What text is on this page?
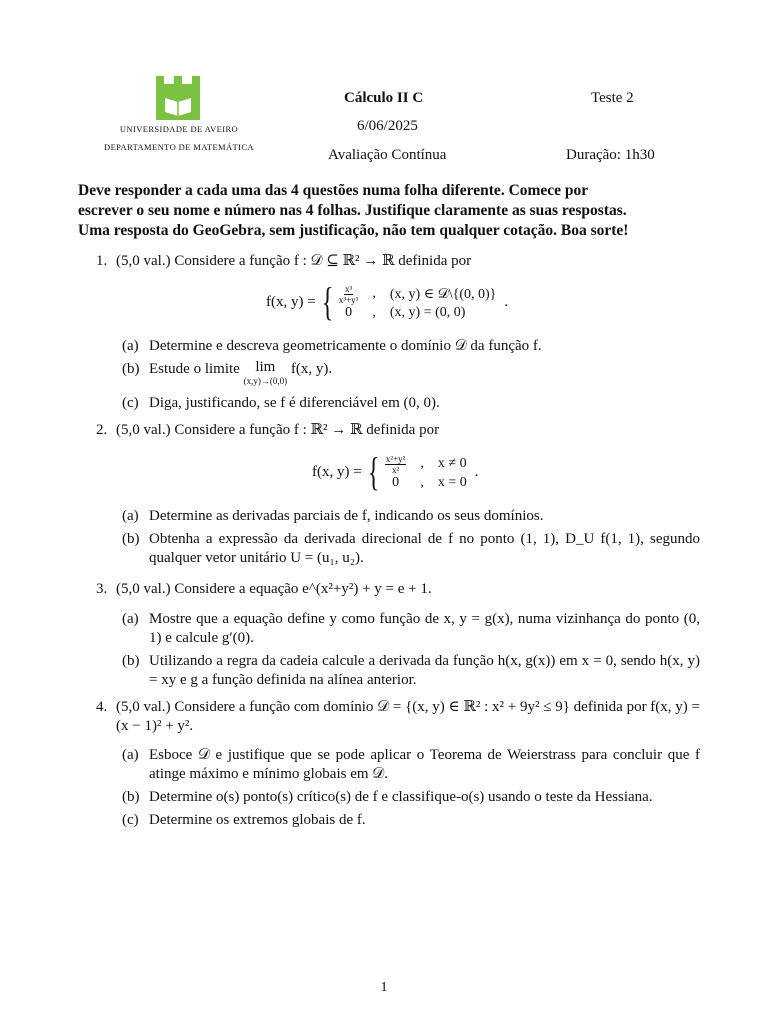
UNIVERSIDADE DE AVEIRO
DEPARTAMENTO DE MATEMÁTICA
Cálculo II C
6/06/2025
Avaliação Contínua
Teste 2
Duração: 1h30
Deve responder a cada uma das 4 questões numa folha diferente. Comece por
escrever o seu nome e número nas 4 folhas. Justifique claramente as suas respostas.
Uma resposta do GeoGebra, sem justificação, não tem qualquer cotação. Boa sorte!
1. (5,0 val.) Considere a função f : 𝒟 ⊆ ℝ² → ℝ definida por
f(x, y) = { $\frac{\text{x³}}{\text{x³+y³}}$ , (x, y) ∈ 𝒟\{(0, 0)}
0	, (x, y) = (0, 0)
.
(a) Determine e descreva geometricamente o domínio 𝒟 da função f.
(b) Estude o limite lim
(x,y)→(0,0)
f(x, y).
(c) Diga, justificando, se f é diferenciável em (0, 0).
2. (5,0 val.) Considere a função f : ℝ² → ℝ definida por
f(x, y) = { $\frac{\text{x²+y²}}{\text{x²}}$ , x ≠ 0
0	, x = 0
.
(a) Determine as derivadas parciais de f, indicando os seus domínios.
(b) Obtenha a expressão da derivada direcional de f no ponto (1, 1), D_U f(1, 1), segundo qualquer vetor unitário U = (u₁, u₂).
3. (5,0 val.) Considere a equação e^(x²+y²) + y = e + 1.
(a) Mostre que a equação define y como função de x, y = g(x), numa vizinhança do ponto (0, 1) e calcule g′(0).
(b) Utilizando a regra da cadeia calcule a derivada da função h(x, g(x)) em x = 0, sendo h(x, y) = xy e g a função definida na alínea anterior.
4. (5,0 val.) Considere a função com domínio 𝒟 = {(x, y) ∈ ℝ² : x² + 9y² ≤ 9} definida por f(x, y) = (x − 1)² + y².
(a) Esboce 𝒟 e justifique que se pode aplicar o Teorema de Weierstrass para concluir que f atinge máximo e mínimo globais em 𝒟.
(b) Determine o(s) ponto(s) crítico(s) de f e classifique-o(s) usando o teste da Hessiana.
(c) Determine os extremos globais de f.
1
